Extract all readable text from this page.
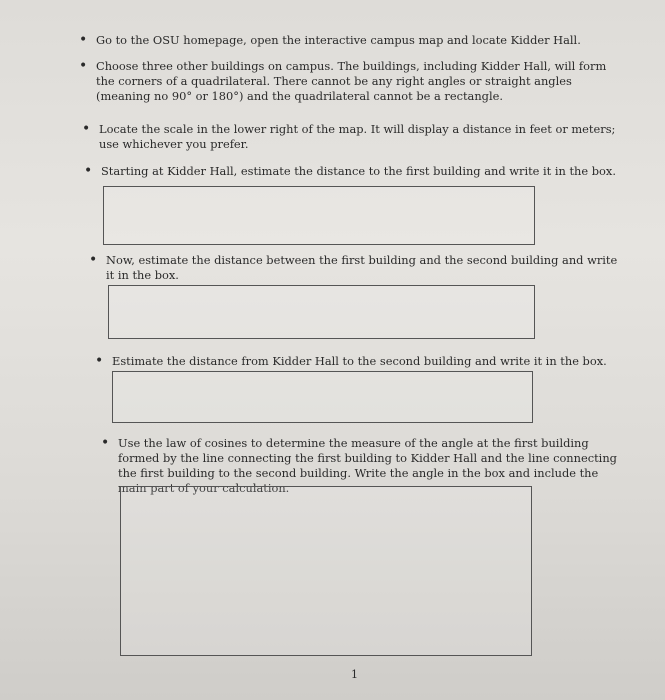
• Go to the OSU homepage, open the interactive campus map and locate Kidder Hall.
• Choose three other buildings on campus. The buildings, including Kidder Hall, will form the corners of a quadrilateral. There cannot be any right angles or straight angles (meaning no 90° or 180°) and the quadrilateral cannot be a rectangle.
• Locate the scale in the lower right of the map. It will display a distance in feet or meters; use whichever you prefer.
• Starting at Kidder Hall, estimate the distance to the first building and write it in the box.
• Now, estimate the distance between the first building and the second building and write it in the box.
• Estimate the distance from Kidder Hall to the second building and write it in the box.
• Use the law of cosines to determine the measure of the angle at the first building formed by the line connecting the first building to Kidder Hall and the line connecting the first building to the second building. Write the angle in the box and include the main part of your calculation.
1
